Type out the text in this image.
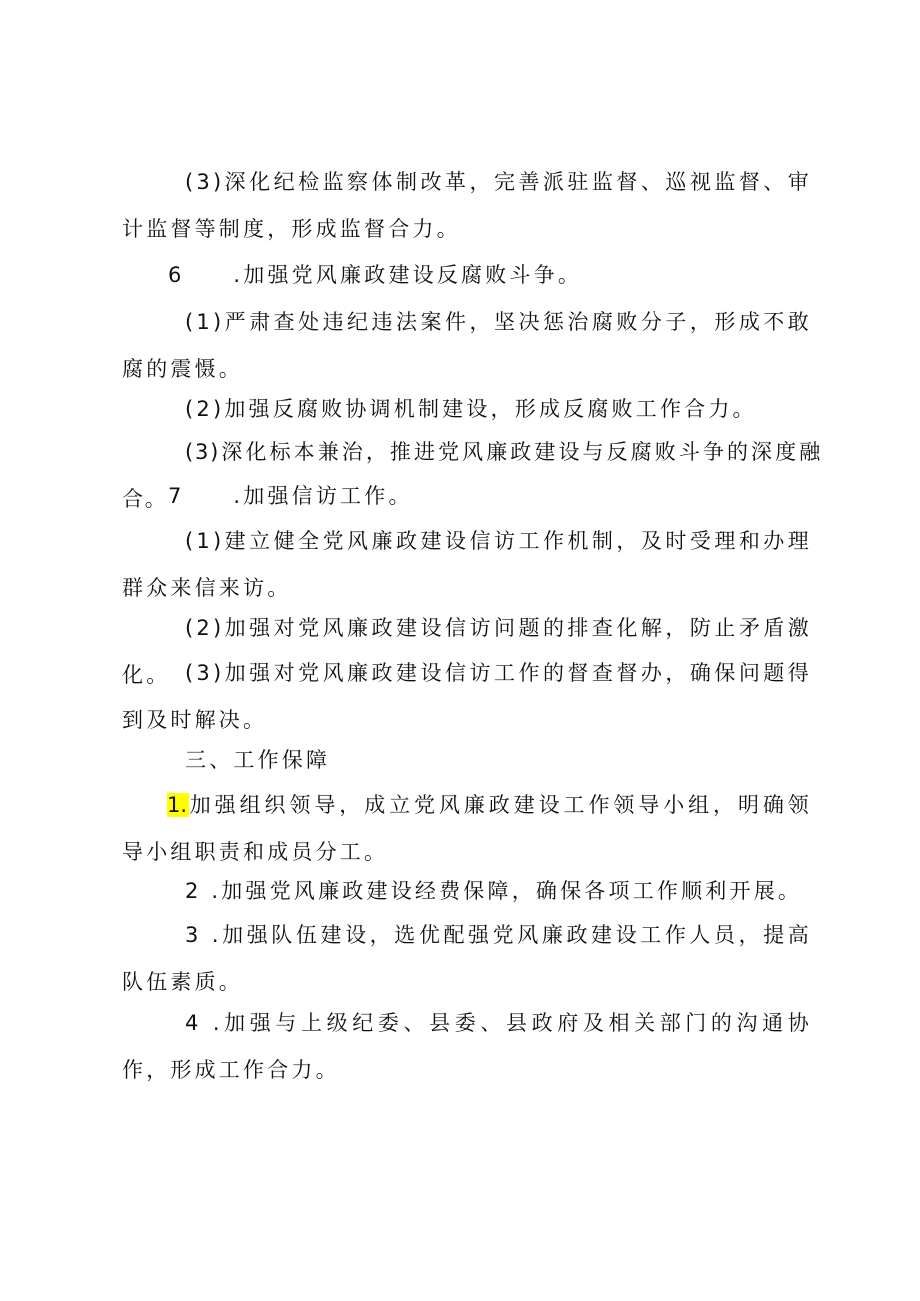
(3)深化纪检监察体制改革，完善派驻监督、巡视监督、审计监督等制度，形成监督合力。
6 .加强党风廉政建设反腐败斗争。
(1)严肃查处违纪违法案件，坚决惩治腐败分子，形成不敢腐的震慑。
(2)加强反腐败协调机制建设，形成反腐败工作合力。
(3)深化标本兼治，推进党风廉政建设与反腐败斗争的深度融合。 7 .加强信访工作。
(1)建立健全党风廉政建设信访工作机制，及时受理和办理群众来信来访。
(2)加强对党风廉政建设信访问题的排查化解，防止矛盾激化。 (3)加强对党风廉政建设信访工作的督查督办，确保问题得到及时解决。
三、工作保障
1.加强组织领导，成立党风廉政建设工作领导小组，明确领导小组职责和成员分工。
2 .加强党风廉政建设经费保障，确保各项工作顺利开展。
3 .加强队伍建设，选优配强党风廉政建设工作人员，提高队伍素质。
4 .加强与上级纪委、县委、县政府及相关部门的沟通协作，形成工作合力。
